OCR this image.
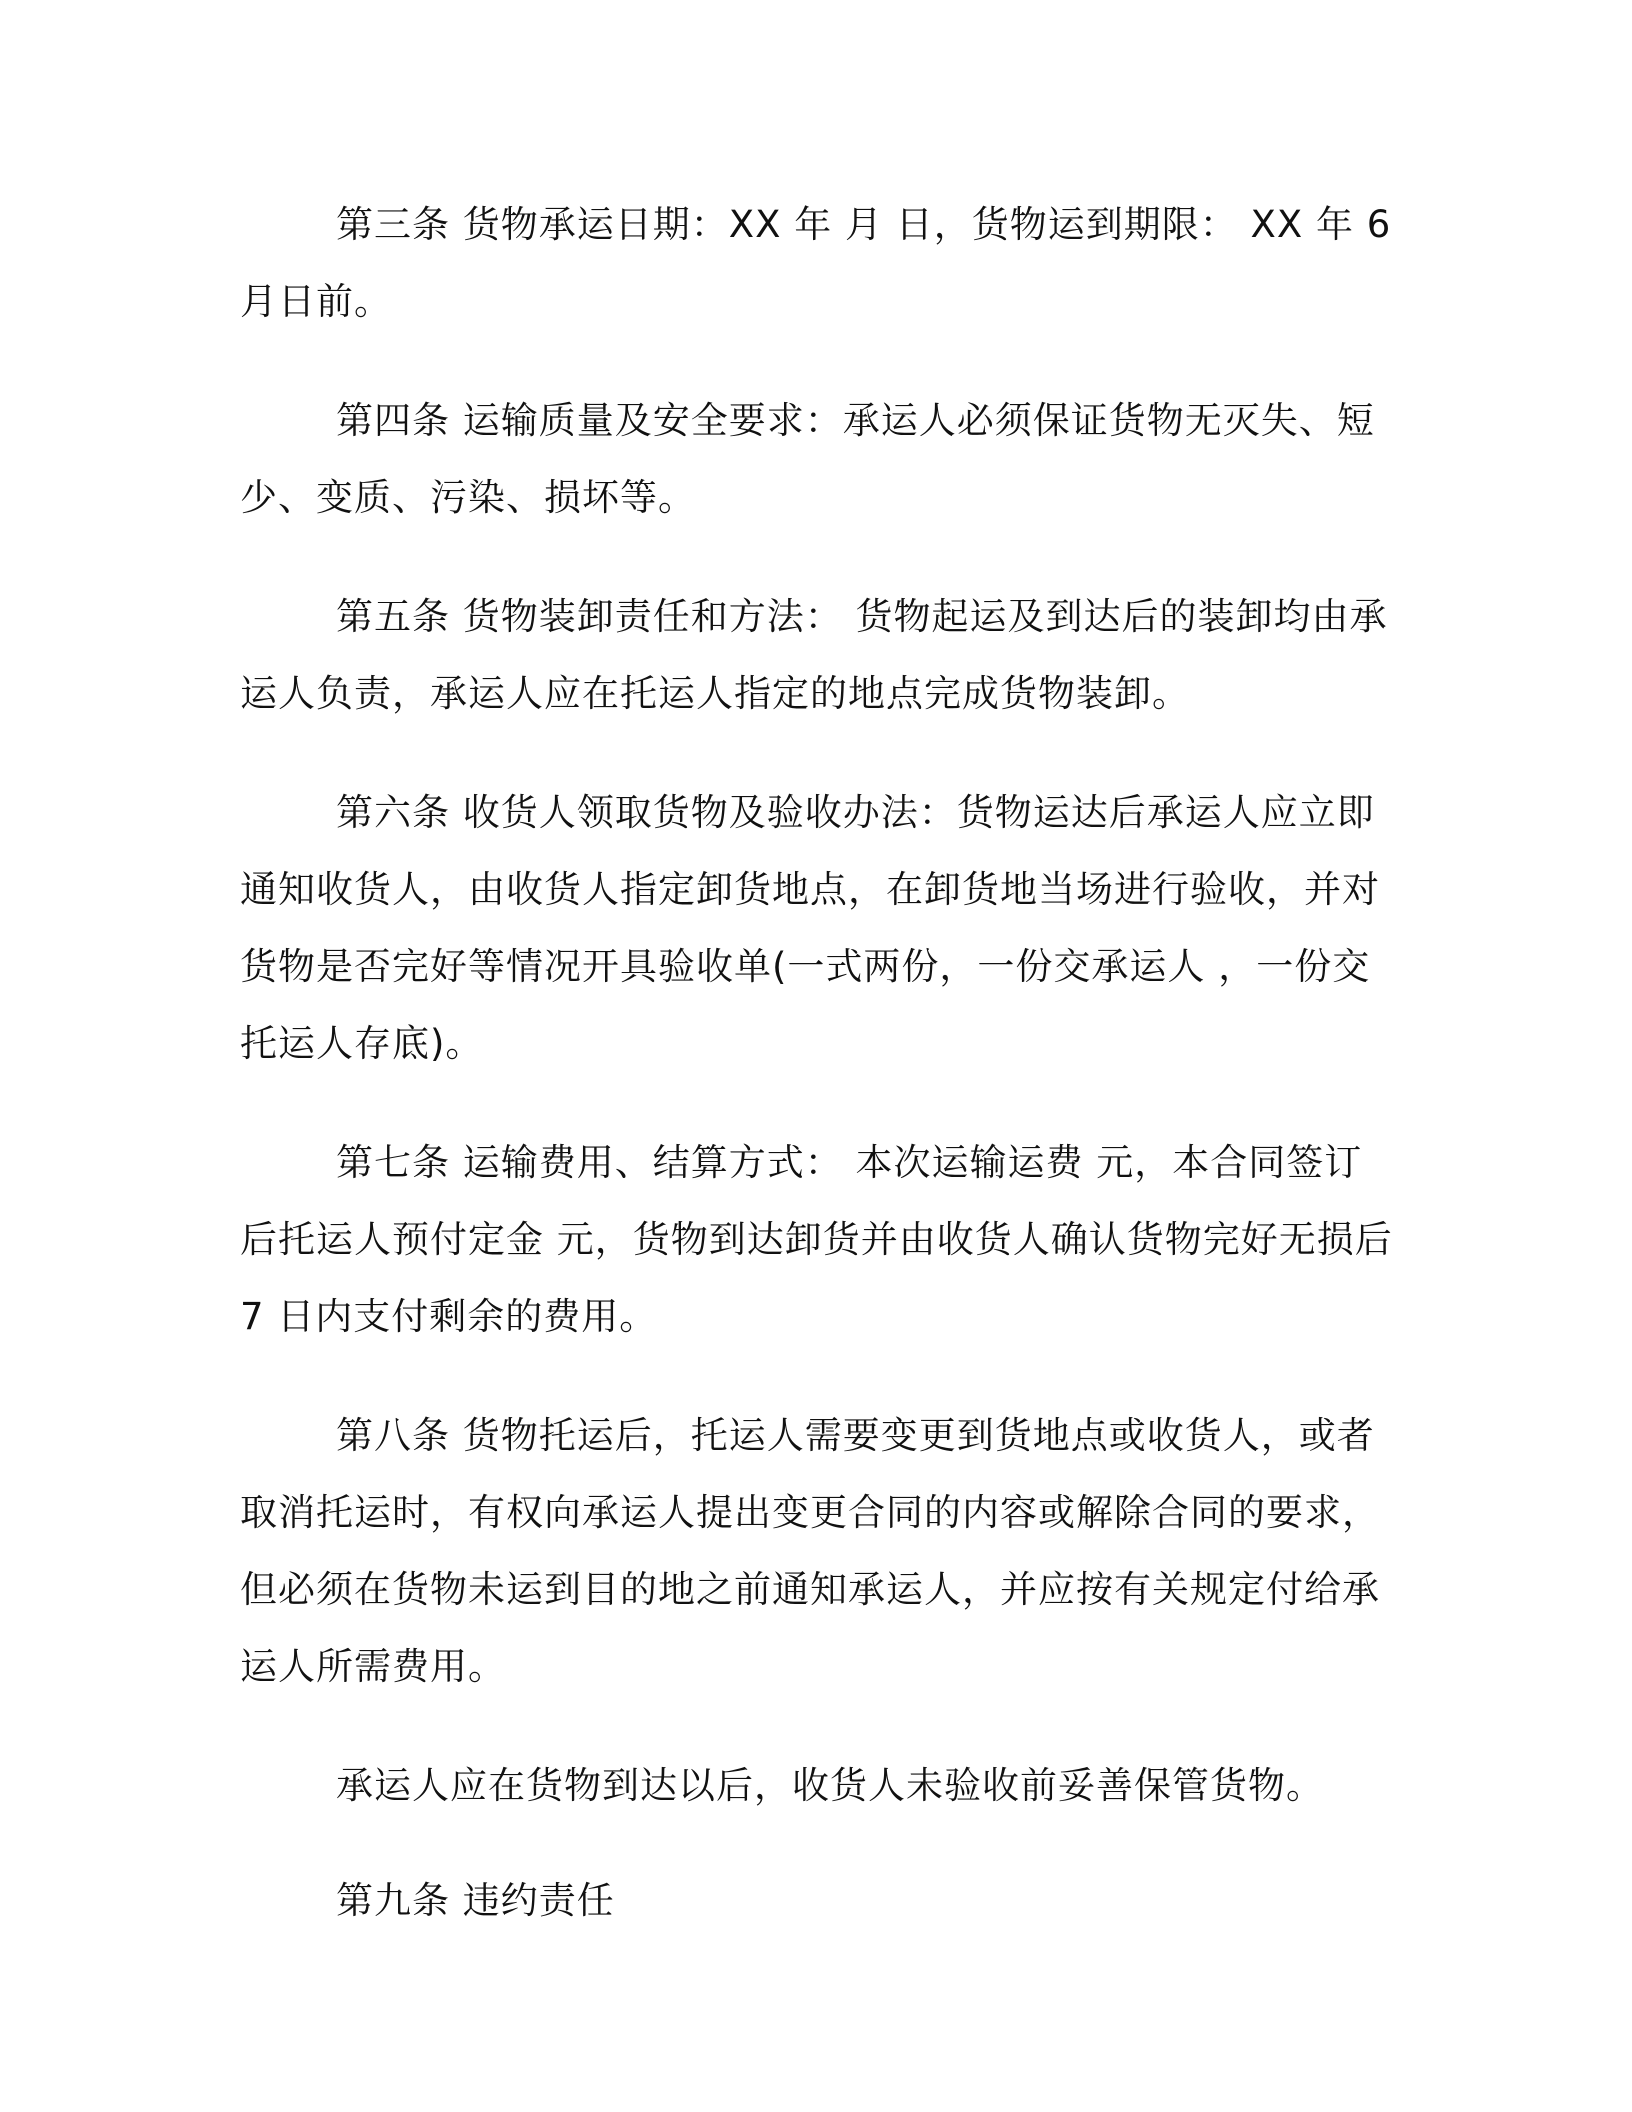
第三条 货物承运日期：XX 年 月 日，货物运到期限： XX 年 6 月日前。

第四条 运输质量及安全要求：承运人必须保证货物无灭失、短少、变质、污染、损坏等。

第五条 货物装卸责任和方法： 货物起运及到达后的装卸均由承运人负责，承运人应在托运人指定的地点完成货物装卸。

第六条 收货人领取货物及验收办法：货物运达后承运人应立即通知收货人，由收货人指定卸货地点，在卸货地当场进行验收，并对货物是否完好等情况开具验收单(一式两份，一份交承运人 ，一份交托运人存底)。

第七条 运输费用、结算方式： 本次运输运费 元，本合同签订后托运人预付定金 元，货物到达卸货并由收货人确认货物完好无损后 7 日内支付剩余的费用。

第八条 货物托运后，托运人需要变更到货地点或收货人，或者取消托运时，有权向承运人提出变更合同的内容或解除合同的要求，但必须在货物未运到目的地之前通知承运人，并应按有关规定付给承运人所需费用。

承运人应在货物到达以后，收货人未验收前妥善保管货物。

第九条 违约责任
